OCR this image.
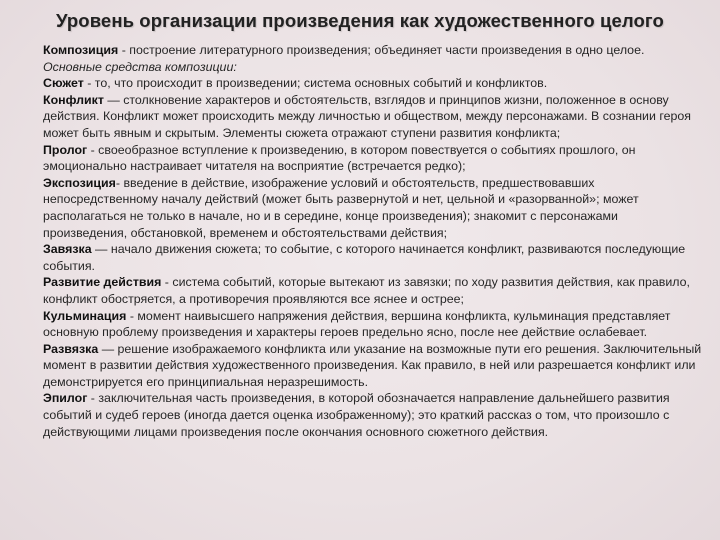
Уровень организации произведения как художественного целого

Композиция - построение литературного произведения; объединяет части произведения в одно целое.

Основные средства композиции:

Сюжет - то, что происходит в произведении; система основных событий и конфликтов.

Конфликт — столкновение характеров и обстоятельств, взглядов и принципов жизни, положенное в основу действия. Конфликт может происходить между личностью и обществом, между персонажами. В сознании героя может быть явным и скрытым. Элементы сюжета отражают ступени развития конфликта;

Пролог - своеобразное вступление к произведению, в котором повествуется о событиях прошлого, он эмоционально настраивает читателя на восприятие (встречается редко);

Экспозиция- введение в действие, изображение условий и обстоятельств, предшествовавших непосредственному началу действий (может быть развернутой и нет, цельной и «разорванной»; может располагаться не только в начале, но и в середине, конце произведения); знакомит с персонажами произведения, обстановкой, временем и обстоятельствами действия;

Завязка — начало движения сюжета; то событие, с которого начинается конфликт, развиваются последующие события.

Развитие действия - система событий, которые вытекают из завязки; по ходу развития действия, как правило, конфликт обостряется, а противоречия проявляются все яснее и острее;

Кульминация - момент наивысшего напряжения действия, вершина конфликта, кульминация представляет основную проблему произведения и характеры героев предельно ясно, после нее действие ослабевает.

Развязка — решение изображаемого конфликта или указание на возможные пути его решения. Заключительный момент в развитии действия художественного произведения. Как правило, в ней или разрешается конфликт или демонстрируется его принципиальная неразрешимость.

Эпилог - заключительная часть произведения, в которой обозначается направление дальнейшего развития событий и судеб героев (иногда дается оценка изображенному); это краткий рассказ о том, что произошло с действующими лицами произведения после окончания основного сюжетного действия.
